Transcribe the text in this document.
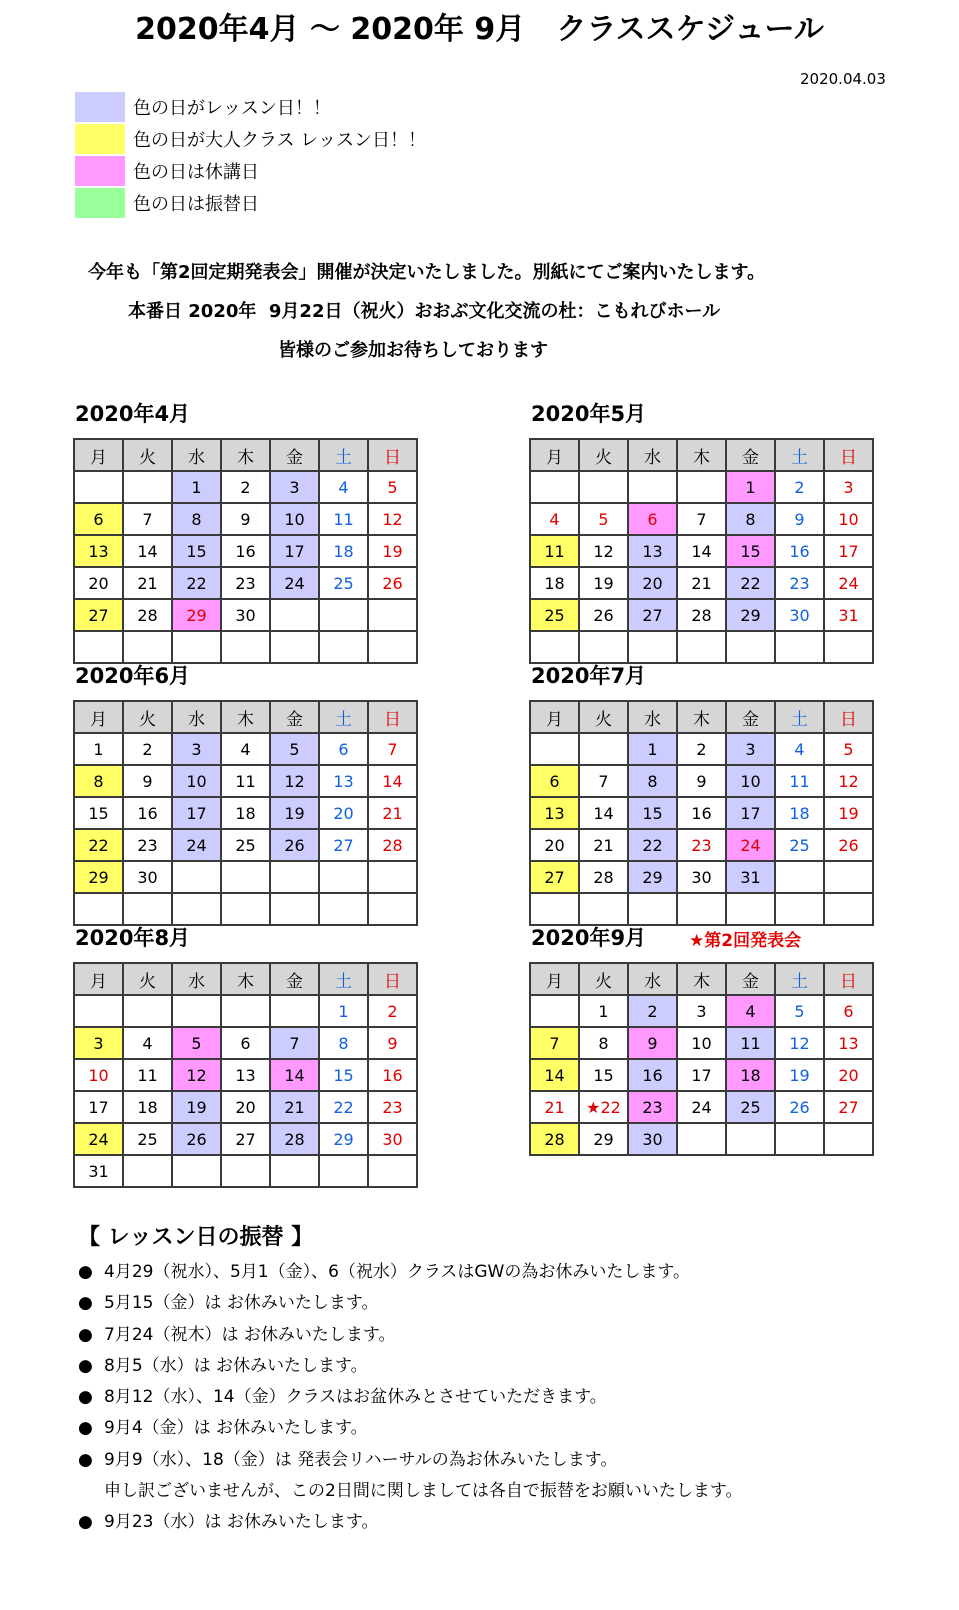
2020年4月 〜 2020年 9月   クラススケジュール
2020.04.03
色の日がレッスン日！！
色の日が大人クラス レッスン日！！
色の日は休講日
色の日は振替日
今年も「第2回定期発表会」開催が決定いたしました。別紙にてご案内いたします。
本番日 2020年  9月22日（祝火）おおぶ文化交流の杜：こもれびホール
皆様のご参加お待ちしております
2020年4月
月	火	水	木	金	土	日
		1	2	3	4	5
6	7	8	9	10	11	12
13	14	15	16	17	18	19
20	21	22	23	24	25	26
27	28	29	30			

2020年5月
月	火	水	木	金	土	日
				1	2	3
4	5	6	7	8	9	10
11	12	13	14	15	16	17
18	19	20	21	22	23	24
25	26	27	28	29	30	31

2020年6月
月	火	水	木	金	土	日
1	2	3	4	5	6	7
8	9	10	11	12	13	14
15	16	17	18	19	20	21
22	23	24	25	26	27	28
29	30					

2020年7月
月	火	水	木	金	土	日
		1	2	3	4	5
6	7	8	9	10	11	12
13	14	15	16	17	18	19
20	21	22	23	24	25	26
27	28	29	30	31		

2020年8月
月	火	水	木	金	土	日
					1	2
3	4	5	6	7	8	9
10	11	12	13	14	15	16
17	18	19	20	21	22	23
24	25	26	27	28	29	30
31						
2020年9月	★第2回発表会
月	火	水	木	金	土	日
	1	2	3	4	5	6
7	8	9	10	11	12	13
14	15	16	17	18	19	20
21	★22	23	24	25	26	27
28	29	30				
【 レッスン日の振替 】
● 4月29（祝水）、5月1（金）、6（祝水）クラスはGWの為お休みいたします。
● 5月15（金）は お休みいたします。
● 7月24（祝木）は お休みいたします。
● 8月5（水）は お休みいたします。
● 8月12（水）、14（金）クラスはお盆休みとさせていただきます。
● 9月4（金）は お休みいたします。
● 9月9（水）、18（金）は 発表会リハーサルの為お休みいたします。
申し訳ございませんが、この2日間に関しましては各自で振替をお願いいたします。
● 9月23（水）は お休みいたします。
